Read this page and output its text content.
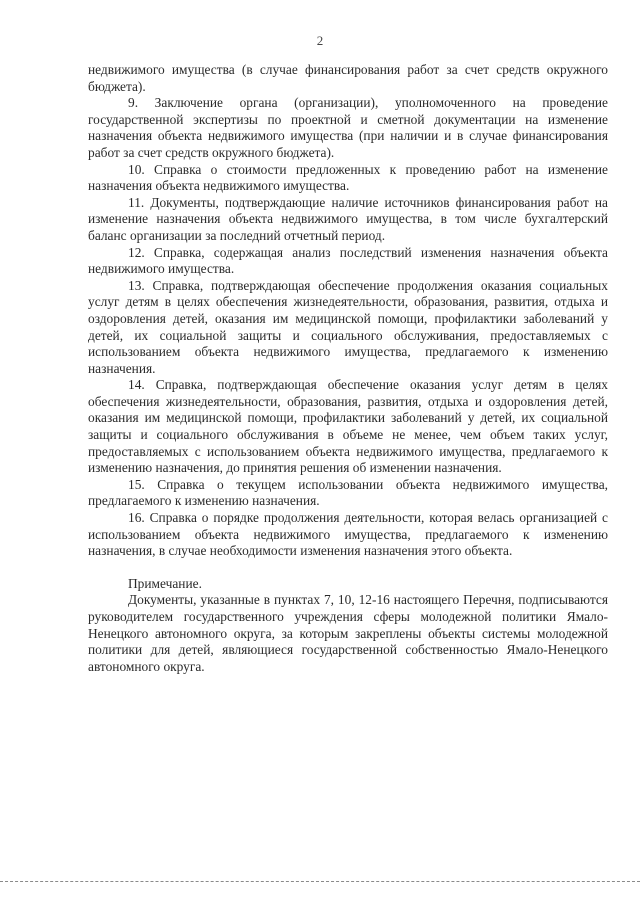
2

недвижимого имущества (в случае финансирования работ за счет средств окружного бюджета).

9. Заключение органа (организации), уполномоченного на проведение государственной экспертизы по проектной и сметной документации на изменение назначения объекта недвижимого имущества (при наличии и в случае финансирования работ за счет средств окружного бюджета).

10. Справка о стоимости предложенных к проведению работ на изменение назначения объекта недвижимого имущества.

11. Документы, подтверждающие наличие источников финансирования работ на изменение назначения объекта недвижимого имущества, в том числе бухгалтерский баланс организации за последний отчетный период.

12. Справка, содержащая анализ последствий изменения назначения объекта недвижимого имущества.

13. Справка, подтверждающая обеспечение продолжения оказания социальных услуг детям в целях обеспечения жизнедеятельности, образования, развития, отдыха и оздоровления детей, оказания им медицинской помощи, профилактики заболеваний у детей, их социальной защиты и социального обслуживания, предоставляемых с использованием объекта недвижимого имущества, предлагаемого к изменению назначения.

14. Справка, подтверждающая обеспечение оказания услуг детям в целях обеспечения жизнедеятельности, образования, развития, отдыха и оздоровления детей, оказания им медицинской помощи, профилактики заболеваний у детей, их социальной защиты и социального обслуживания в объеме не менее, чем объем таких услуг, предоставляемых с использованием объекта недвижимого имущества, предлагаемого к изменению назначения, до принятия решения об изменении назначения.

15. Справка о текущем использовании объекта недвижимого имущества, предлагаемого к изменению назначения.

16. Справка о порядке продолжения деятельности, которая велась организацией с использованием объекта недвижимого имущества, предлагаемого к изменению назначения, в случае необходимости изменения назначения этого объекта.

Примечание.

Документы, указанные в пунктах 7, 10, 12-16 настоящего Перечня, подписываются руководителем государственного учреждения сферы молодежной политики Ямало-Ненецкого автономного округа, за которым закреплены объекты системы молодежной политики для детей, являющиеся государственной собственностью Ямало-Ненецкого автономного округа.
